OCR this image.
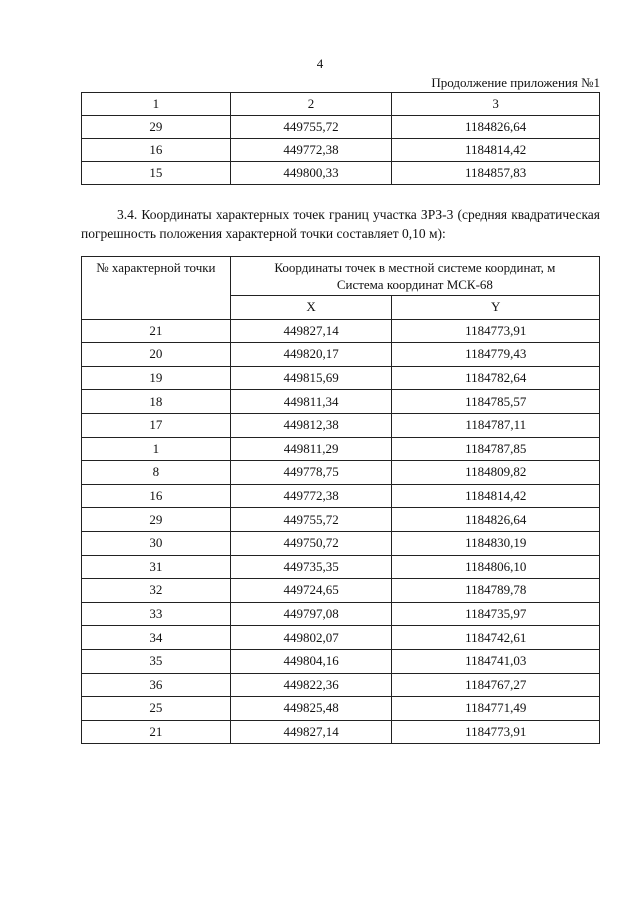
4
Продолжение приложения №1
1	2	3
29	449755,72	1184826,64
16	449772,38	1184814,42
15	449800,33	1184857,83
3.4. Координаты характерных точек границ участка ЗРЗ-3 (средняя квадратическая погрешность положения характерной точки составляет 0,10 м):
№ характерной точки	Координаты точек в местной системе координат, м
Система координат МСК-68	

	X	Y
21	449827,14	1184773,91
20	449820,17	1184779,43
19	449815,69	1184782,64
18	449811,34	1184785,57
17	449812,38	1184787,11
1	449811,29	1184787,85
8	449778,75	1184809,82
16	449772,38	1184814,42
29	449755,72	1184826,64
30	449750,72	1184830,19
31	449735,35	1184806,10
32	449724,65	1184789,78
33	449797,08	1184735,97
34	449802,07	1184742,61
35	449804,16	1184741,03
36	449822,36	1184767,27
25	449825,48	1184771,49
21	449827,14	1184773,91
